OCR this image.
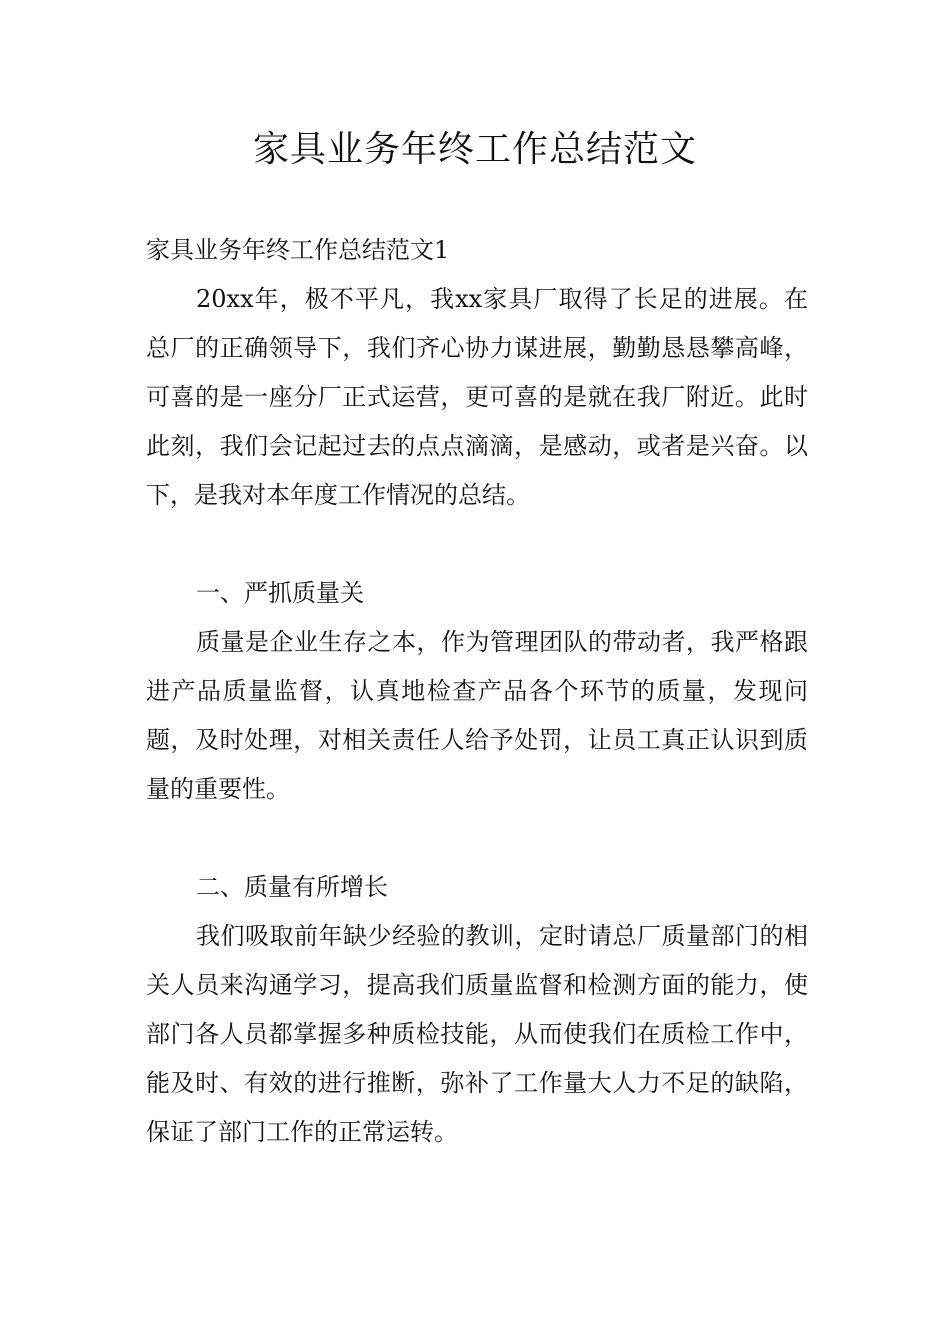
家具业务年终工作总结范文

家具业务年终工作总结范文1

20xx年，极不平凡，我xx家具厂取得了长足的进展。在总厂的正确领导下，我们齐心协力谋进展，勤勤恳恳攀高峰，可喜的是一座分厂正式运营，更可喜的是就在我厂附近。此时此刻，我们会记起过去的点点滴滴，是感动，或者是兴奋。以下，是我对本年度工作情况的总结。

一、严抓质量关

质量是企业生存之本，作为管理团队的带动者，我严格跟进产品质量监督，认真地检查产品各个环节的质量，发现问题，及时处理，对相关责任人给予处罚，让员工真正认识到质量的重要性。

二、质量有所增长

我们吸取前年缺少经验的教训，定时请总厂质量部门的相关人员来沟通学习，提高我们质量监督和检测方面的能力，使部门各人员都掌握多种质检技能，从而使我们在质检工作中，能及时、有效的进行推断，弥补了工作量大人力不足的缺陷，保证了部门工作的正常运转。
